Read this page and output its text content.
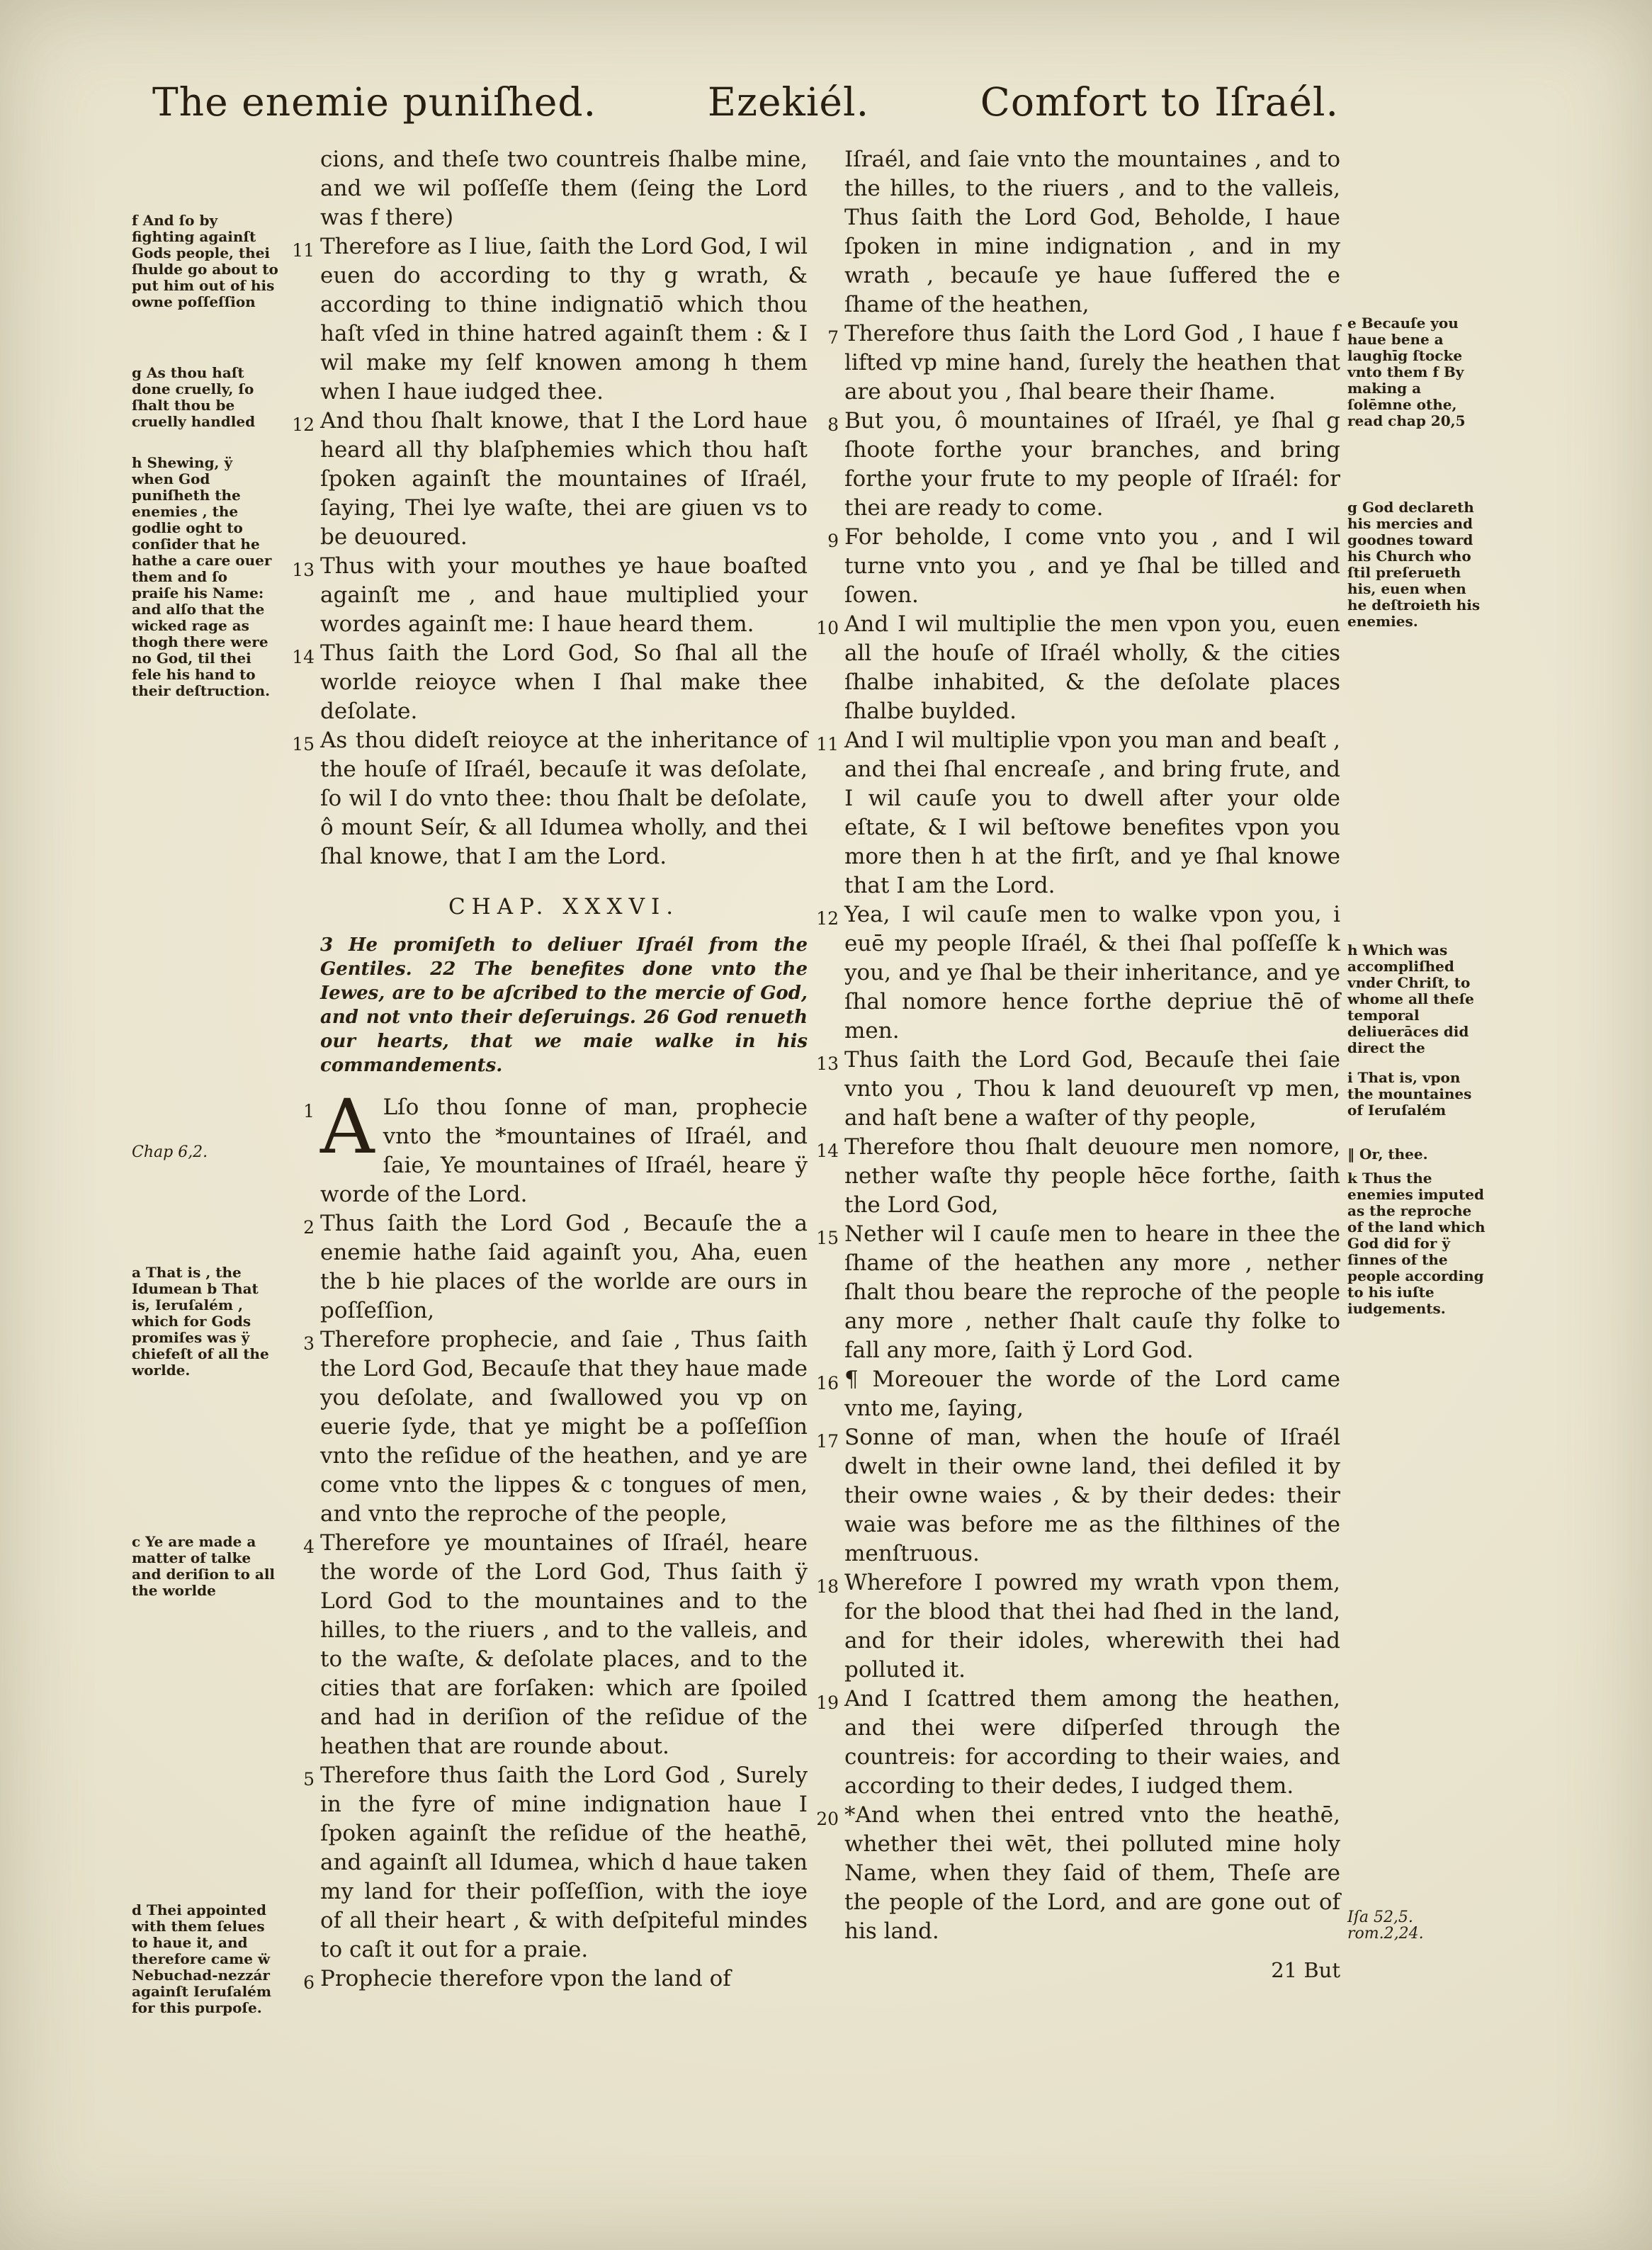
The enemie puniſhed.	Ezekiél.	Comfort to Iſraél.
f And ſo by fighting againſt Gods people, thei ſhulde go about to put him out of his owne poſſeſſion
g As thou haſt done cruelly, ſo ſhalt thou be cruelly handled
h Shewing, ÿ when God puniſheth the enemies , the godlie oght to conſider that he hathe a care ouer them and ſo praiſe his Name: and alſo that the wicked rage as thogh there were no God, til thei fele his hand to their deſtruction.
Chap 6,2.
a That is , the Idumean b That is, Ieruſalém , which for Gods promiſes was ÿ chiefeſt of all the worlde.
c Ye are made a matter of talke and deriſion to all the worlde
d Thei appointed with them ſelues to haue it, and therefore came ẅ Nebuchad-nezzár againſt Ieruſalém for this purpoſe.

cions, and theſe two countreis ſhalbe mine, and we wil poſſeſſe them (ſeing the Lord was f there)

11 Therefore as I liue, ſaith the Lord God, I wil euen do according to thy g wrath, & according to thine indignatiō which thou haſt vſed in thine hatred againſt them : & I wil make my ſelf knowen among h them when I haue iudged thee.

12 And thou ſhalt knowe, that I the Lord haue heard all thy blaſphemies which thou haſt ſpoken againſt the mountaines of Iſraél, ſaying, Thei lye waſte, thei are giuen vs to be deuoured.

13 Thus with your mouthes ye haue boaſted againſt me , and haue multiplied your wordes againſt me: I haue heard them.

14 Thus ſaith the Lord God, So ſhal all the worlde reioyce when I ſhal make thee deſolate.

15 As thou dideſt reioyce at the inheritance of the houſe of Iſraél, becauſe it was deſolate, ſo wil I do vnto thee: thou ſhalt be deſolate, ô mount Seír, & all Idumea wholly, and thei ſhal knowe, that I am the Lord.

CHAP. XXXVI.

3 He promiſeth to deliuer Iſraél from the Gentiles. 22 The benefites done vnto the Iewes, are to be aſcribed to the mercie of God, and not vnto their deſeruings. 26 God renueth our hearts, that we maie walke in his commandements.

1 A Lſo thou ſonne of man, prophecie vnto the *mountaines of Iſraél, and ſaie, Ye mountaines of Iſraél, heare ÿ worde of the Lord.

2 Thus ſaith the Lord God , Becauſe the a enemie hathe ſaid againſt you, Aha, euen the b hie places of the worlde are ours in poſſeſſion,

3 Therefore prophecie, and ſaie , Thus ſaith the Lord God, Becauſe that they haue made you deſolate, and ſwallowed you vp on euerie ſyde, that ye might be a poſſeſſion vnto the reſidue of the heathen, and ye are come vnto the lippes & c tongues of men, and vnto the reproche of the people,

4 Therefore ye mountaines of Iſraél, heare the worde of the Lord God, Thus ſaith ÿ Lord God to the mountaines and to the hilles, to the riuers , and to the valleis, and to the waſte, & deſolate places, and to the cities that are forſaken: which are ſpoiled and had in deriſion of the reſidue of the heathen that are rounde about.

5 Therefore thus ſaith the Lord God , Surely in the fyre of mine indignation haue I ſpoken againſt the reſidue of the heathē, and againſt all Idumea, which d haue taken my land for their poſſeſſion, with the ioye of all their heart , & with deſpiteful mindes to caſt it out for a praie.

6 Prophecie therefore vpon the land of

Iſraél, and ſaie vnto the mountaines , and to the hilles, to the riuers , and to the valleis, Thus ſaith the Lord God, Beholde, I haue ſpoken in mine indignation , and in my wrath , becauſe ye haue ſuffered the e ſhame of the heathen,

7 Therefore thus ſaith the Lord God , I haue f lifted vp mine hand, ſurely the heathen that are about you , ſhal beare their ſhame.

8 But you, ô mountaines of Iſraél, ye ſhal g ſhoote forthe your branches, and bring forthe your frute to my people of Iſraél: for thei are ready to come.

9 For beholde, I come vnto you , and I wil turne vnto you , and ye ſhal be tilled and ſowen.

10 And I wil multiplie the men vpon you, euen all the houſe of Iſraél wholly, & the cities ſhalbe inhabited, & the deſolate places ſhalbe buylded.

11 And I wil multiplie vpon you man and beaſt , and thei ſhal encreaſe , and bring frute, and I wil cauſe you to dwell after your olde eſtate, & I wil beſtowe benefites vpon you more then h at the firſt, and ye ſhal knowe that I am the Lord.

12 Yea, I wil cauſe men to walke vpon you, i euē my people Iſraél, & thei ſhal poſſeſſe k you, and ye ſhal be their inheritance, and ye ſhal nomore hence forthe depriue thē of men.

13 Thus ſaith the Lord God, Becauſe thei ſaie vnto you , Thou k land deuoureſt vp men, and haſt bene a waſter of thy people,

14 Therefore thou ſhalt deuoure men nomore, nether waſte thy people hēce forthe, ſaith the Lord God,

15 Nether wil I cauſe men to heare in thee the ſhame of the heathen any more , nether ſhalt thou beare the reproche of the people any more , nether ſhalt cauſe thy folke to fall any more, ſaith ÿ Lord God.

16 ¶ Moreouer the worde of the Lord came vnto me, ſaying,

17 Sonne of man, when the houſe of Iſraél dwelt in their owne land, thei defiled it by their owne waies , & by their dedes: their waie was before me as the filthines of the menſtruous.

18 Wherefore I powred my wrath vpon them, for the blood that thei had ſhed in the land, and for their idoles, wherewith thei had polluted it.

19 And I ſcattred them among the heathen, and thei were diſperſed through the countreis: for according to their waies, and according to their dedes, I iudged them.

20 *And when thei entred vnto the heathē, whether thei wēt, thei polluted mine holy Name, when they ſaid of them, Theſe are the people of the Lord, and are gone out of his land.

21 But

e Becauſe you haue bene a laughīg ſtocke vnto them f By making a ſolēmne othe, read chap 20,5
g God declareth his mercies and goodnes toward his Church who ſtil preſerueth his, euen when he deſtroieth his enemies.
h Which was accompliſhed vnder Chriſt, to whome all theſe temporal deliuerāces did direct the
i That is, vpon the mountaines of Ieruſalém
‖ Or, thee.
k Thus the enemies imputed as the reproche of the land which God did for ÿ ſinnes of the people according to his iuſte iudgements.
Iſa 52,5. rom.2,24.
